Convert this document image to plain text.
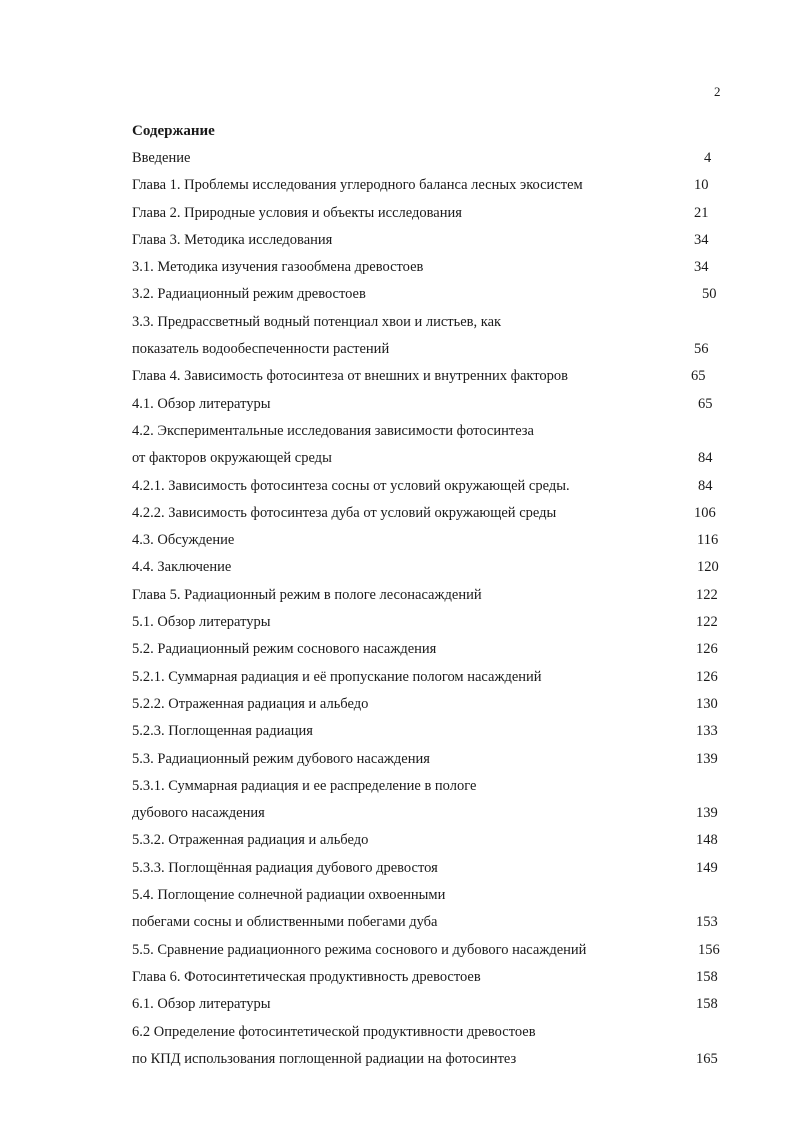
2
Содержание
Введение	4
Глава 1. Проблемы исследования углеродного баланса лесных экосистем	10
Глава 2. Природные условия и объекты исследования	21
Глава 3. Методика исследования	34
3.1. Методика изучения газообмена древостоев	34
3.2. Радиационный режим древостоев	50
3.3. Предрассветный водный потенциал хвои и листьев, как
показатель водообеспеченности растений	56
Глава 4. Зависимость фотосинтеза от внешних и внутренних факторов	65
4.1. Обзор литературы	65
4.2. Экспериментальные исследования зависимости фотосинтеза
от факторов окружающей среды	84
4.2.1. Зависимость фотосинтеза сосны от условий окружающей среды.	84
4.2.2. Зависимость фотосинтеза дуба от условий окружающей среды	106
4.3. Обсуждение	116
4.4. Заключение	120
Глава 5. Радиационный режим в пологе лесонасаждений	122
5.1. Обзор литературы	122
5.2. Радиационный режим соснового насаждения	126
5.2.1. Суммарная радиация и её пропускание пологом насаждений	126
5.2.2. Отраженная радиация и альбедо	130
5.2.3. Поглощенная радиация	133
5.3. Радиационный режим дубового насаждения	139
5.3.1. Суммарная радиация и ее распределение в пологе
дубового насаждения	139
5.3.2. Отраженная радиация и альбедо	148
5.3.3. Поглощённая радиация дубового древостоя	149
5.4. Поглощение солнечной радиации охвоенными
побегами сосны и облиственными побегами дуба	153
5.5. Сравнение радиационного режима соснового и дубового насаждений	156
Глава 6. Фотосинтетическая продуктивность древостоев	158
6.1. Обзор литературы	158
6.2 Определение фотосинтетической продуктивности древостоев
по КПД использования поглощенной радиации на фотосинтез	165
